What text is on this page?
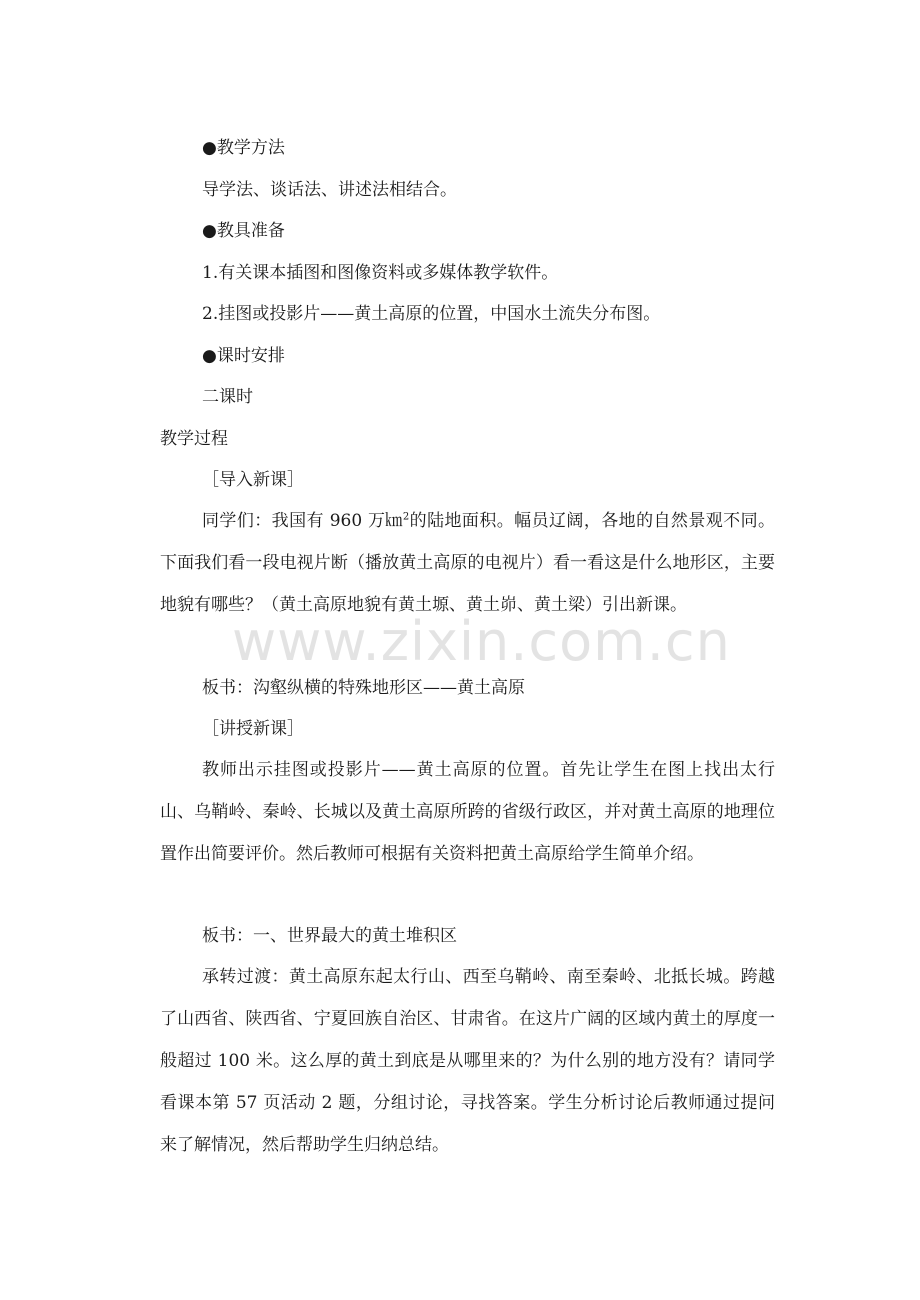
www.zixin.com.cn
●教学方法
导学法、谈话法、讲述法相结合。
●教具准备
1.有关课本插图和图像资料或多媒体教学软件。
2.挂图或投影片——黄土高原的位置，中国水土流失分布图。
●课时安排
二课时
教学过程
［导入新课］
同学们：我国有 960 万㎞$^2$的陆地面积。幅员辽阔，各地的自然景观不同。下面我们看一段电视片断（播放黄土高原的电视片）看一看这是什么地形区，主要地貌有哪些？（黄土高原地貌有黄土塬、黄土峁、黄土梁）引出新课。
板书：沟壑纵横的特殊地形区——黄土高原
［讲授新课］
教师出示挂图或投影片——黄土高原的位置。首先让学生在图上找出太行山、乌鞘岭、秦岭、长城以及黄土高原所跨的省级行政区，并对黄土高原的地理位置作出简要评价。然后教师可根据有关资料把黄土高原给学生简单介绍。
板书：一、世界最大的黄土堆积区
承转过渡：黄土高原东起太行山、西至乌鞘岭、南至秦岭、北抵长城。跨越了山西省、陕西省、宁夏回族自治区、甘肃省。在这片广阔的区域内黄土的厚度一般超过 100 米。这么厚的黄土到底是从哪里来的？为什么别的地方没有？请同学看课本第 57 页活动 2 题，分组讨论，寻找答案。学生分析讨论后教师通过提问来了解情况，然后帮助学生归纳总结。
